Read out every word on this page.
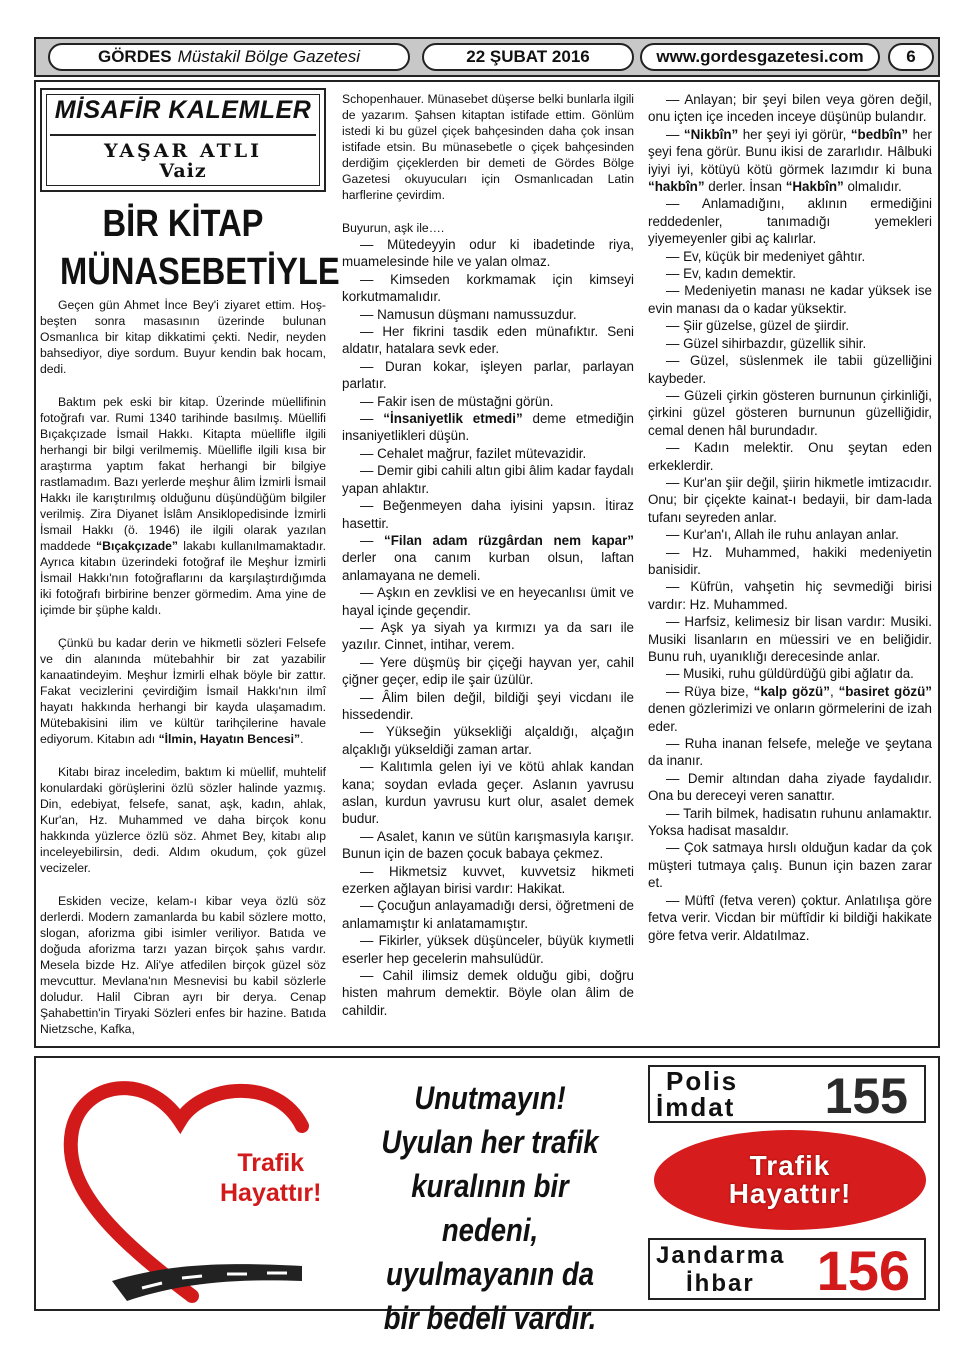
GÖRDES Müstakil Bölge Gazetesi	22 ŞUBAT 2016	www.gordesgazetesi.com	6
MİSAFİR KALEMLER
YAŞAR ATLI
Vaiz
BİR KİTAP
MÜNASEBETİYLE

Geçen gün Ahmet İnce Bey'i ziyaret ettim. Hoş-beşten sonra masasının üzerinde bulunan Osmanlıca bir kitap dikkatimi çekti. Nedir, neyden bahsediyor, diye sordum. Buyur kendin bak hocam, dedi.

Baktım pek eski bir kitap. Üzerinde müellifinin fotoğrafı var. Rumi 1340 tarihinde basılmış. Müellifi Bıçakçızade İsmail Hakkı. Kitapta müellifle ilgili herhangi bir bilgi verilmemiş. Müellifle ilgili kısa bir araştırma yaptım fakat herhangi bir bilgiye rastlamadım. Bazı yerlerde meşhur âlim İzmirli İsmail Hakkı ile karıştırılmış olduğunu düşündüğüm bilgiler verilmiş. Zira Diyanet İslâm Ansiklopedisinde İzmirli İsmail Hakkı (ö. 1946) ile ilgili olarak yazılan maddede “Bıçakçızade” lakabı kullanılmamaktadır. Ayrıca kitabın üzerindeki fotoğraf ile Meşhur İzmirli İsmail Hakkı'nın fotoğraflarını da karşılaştırdığımda iki fotoğrafı birbirine benzer görmedim. Ama yine de içimde bir şüphe kaldı.

Çünkü bu kadar derin ve hikmetli sözleri Felsefe ve din alanında mütebahhir bir zat yazabilir kanaatindeyim. Meşhur İzmirli elhak böyle bir zattır. Fakat vecizlerini çevirdiğim İsmail Hakkı'nın ilmî hayatı hakkında herhangi bir kayda ulaşamadım. Mütebakisini ilim ve kültür tarihçilerine havale ediyorum. Kitabın adı “İlmin, Hayatın Bencesi”.

Kitabı biraz inceledim, baktım ki müellif, muhtelif konulardaki görüşlerini özlü sözler halinde yazmış. Din, edebiyat, felsefe, sanat, aşk, kadın, ahlak, Kur'an, Hz. Muhammed ve daha birçok konu hakkında yüzlerce özlü söz. Ahmet Bey, kitabı alıp inceleyebilirsin, dedi. Aldım okudum, çok güzel vecizeler.

Eskiden vecize, kelam-ı kibar veya özlü söz derlerdi. Modern zamanlarda bu kabil sözlere motto, slogan, aforizma gibi isimler veriliyor. Batıda ve doğuda aforizma tarzı yazan birçok şahıs vardır. Mesela bizde Hz. Ali'ye atfedilen birçok güzel söz mevcuttur. Mevlana'nın Mesnevisi bu kabil sözlerle doludur. Halil Cibran ayrı bir derya. Cenap Şahabettin'in Tiryaki Sözleri enfes bir hazine. Batıda Nietzsche, Kafka,

Schopenhauer. Münasebet düşerse belki bunlarla ilgili de yazarım. Şahsen kitaptan istifade ettim. Gönlüm istedi ki bu güzel çiçek bahçesinden daha çok insan istifade etsin. Bu münasebetle o çiçek bahçesinden derdiğim çiçeklerden bir demeti de Gördes Bölge Gazetesi okuyucuları için Osmanlıcadan Latin harflerine çevirdim.

Buyurun, aşk ile….

— Mütedeyyin odur ki ibadetinde riya, muamelesinde hile ve yalan olmaz.

— Kimseden korkmamak için kimseyi korkutmamalıdır.

— Namusun düşmanı namussuzdur.

— Her fikrini tasdik eden münafıktır. Seni aldatır, hatalara sevk eder.

— Duran kokar, işleyen parlar, parlayan parlatır.

— Fakir isen de müstağni görün.

— “İnsaniyetlik etmedi” deme etmediğin insaniyetlikleri düşün.

— Cehalet mağrur, fazilet mütevazidir.

— Demir gibi cahili altın gibi âlim kadar faydalı yapan ahlaktır.

— Beğenmeyen daha iyisini yapsın. İtiraz hasettir.

— “Filan adam rüzgârdan nem kapar” derler ona canım kurban olsun, laftan anlamayana ne demeli.

— Aşkın en zevklisi ve en heyecanlısı ümit ve hayal içinde geçendir.

— Aşk ya siyah ya kırmızı ya da sarı ile yazılır. Cinnet, intihar, verem.

— Yere düşmüş bir çiçeği hayvan yer, cahil çiğner geçer, edip ile şair üzülür.

— Âlim bilen değil, bildiği şeyi vicdanı ile hissedendir.

— Yükseğin yüksekliği alçaldığı, alçağın alçaklığı yükseldiği zaman artar.

— Kalıtımla gelen iyi ve kötü ahlak kandan kana; soydan evlada geçer. Aslanın yavrusu aslan, kurdun yavrusu kurt olur, asalet demek budur.

— Asalet, kanın ve sütün karışmasıyla karışır. Bunun için de bazen çocuk babaya çekmez.

— Hikmetsiz kuvvet, kuvvetsiz hikmeti ezerken ağlayan birisi vardır: Hakikat.

— Çocuğun anlayamadığı dersi, öğretmeni de anlamamıştır ki anlatamamıştır.

— Fikirler, yüksek düşünceler, büyük kıymetli eserler hep gecelerin mahsulüdür.

— Cahil ilimsiz demek olduğu gibi, doğru histen mahrum demektir. Böyle olan âlim de cahildir.

— Anlayan; bir şeyi bilen veya gören değil, onu içten içe inceden inceye düşünüp bulandır.

— “Nikbîn” her şeyi iyi görür, “bedbîn” her şeyi fena görür. Bunu ikisi de zararlıdır. Hâlbuki iyiyi iyi, kötüyü kötü görmek lazımdır ki buna “hakbîn” derler. İnsan “Hakbîn” olmalıdır.

— Anlamadığını, aklının ermediğini reddedenler, tanımadığı yemekleri yiyemeyenler gibi aç kalırlar.

— Ev, küçük bir medeniyet gâhtır.

— Ev, kadın demektir.

— Medeniyetin manası ne kadar yüksek ise evin manası da o kadar yüksektir.

— Şiir güzelse, güzel de şiirdir.

— Güzel sihirbazdır, güzellik sihir.

— Güzel, süslenmek ile tabii güzelliğini kaybeder.

— Güzeli çirkin gösteren burnunun çirkinliği, çirkini güzel gösteren burnunun güzelliğidir, cemal denen hâl burundadır.

— Kadın melektir. Onu şeytan eden erkeklerdir.

— Kur'an şiir değil, şiirin hikmetle imtizacıdır. Onu; bir çiçekte kainat-ı bedayii, bir dam-lada tufanı seyreden anlar.

— Kur'an'ı, Allah ile ruhu anlayan anlar.

— Hz. Muhammed, hakiki medeniyetin banisidir.

— Küfrün, vahşetin hiç sevmediği birisi vardır: Hz. Muhammed.

— Harfsiz, kelimesiz bir lisan vardır: Musiki. Musiki lisanların en müessiri ve en beliğidir. Bunu ruh, uyanıklığı derecesinde anlar.

— Musiki, ruhu güldürdüğü gibi ağlatır da.

— Rüya bize, “kalp gözü”, “basiret gözü” denen gözlerimizi ve onların görmelerini de izah eder.

— Ruha inanan felsefe, meleğe ve şeytana da inanır.

— Demir altından daha ziyade faydalıdır. Ona bu dereceyi veren sanattır.

— Tarih bilmek, hadisatın ruhunu anlamaktır. Yoksa hadisat masaldır.

— Çok satmaya hırslı olduğun kadar da çok müşteri tutmaya çalış. Bunun için bazen zarar et.

— Müftî (fetva veren) çoktur. Anlatılışa göre fetva verir. Vicdan bir müftîdir ki bildiği hakikate göre fetva verir. Aldatılmaz.

Trafik
Hayattır!
Unutmayın!
Uyulan her trafik
kuralının bir nedeni,
uyulmayanın da
bir bedeli vardır.
Polis
İmdat 155
Trafik
Hayattır!
Jandarma
İhbar 156
